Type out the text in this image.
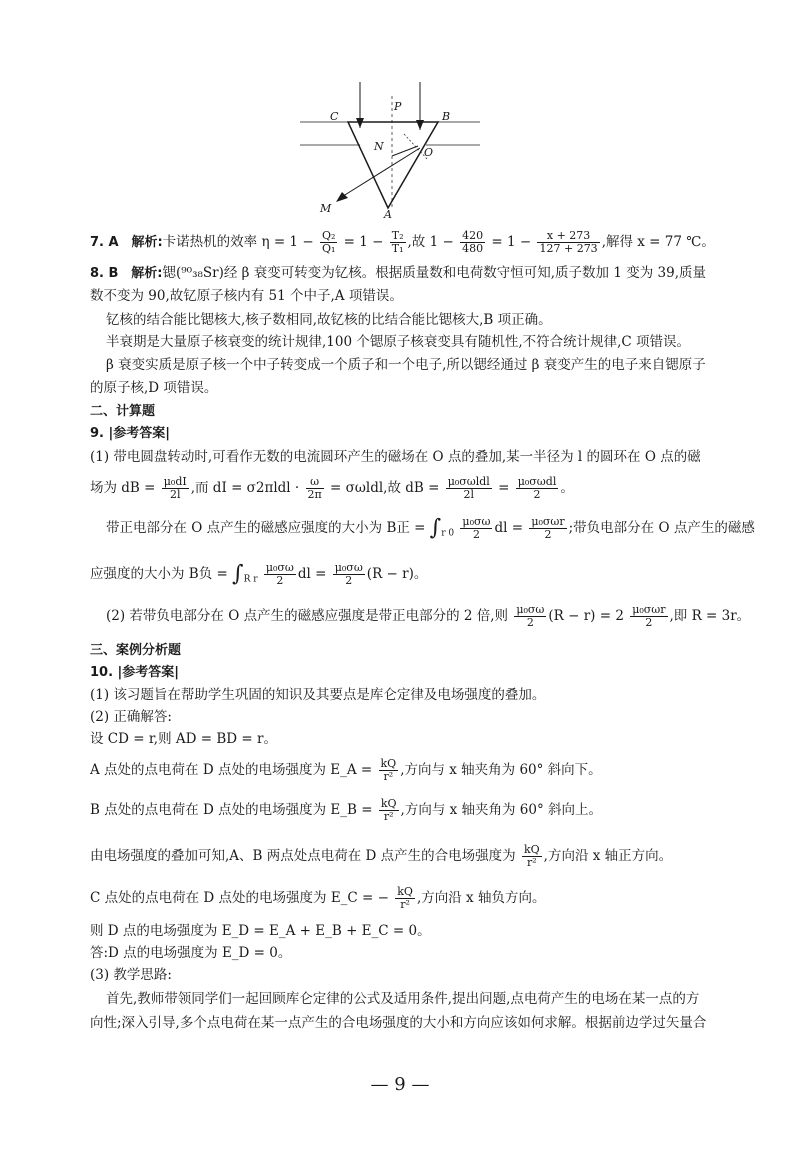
C	B
P
N	O
M	A
7. A 解析:卡诺热机的效率 $\eta = 1 - \frac{\text{Q₂}}{\text{Q₁}} = 1 - \frac{\text{T₂}}{\text{T₁}}$ ,故 $1 - \frac{420}{480} = 1 - \frac{x + 273}{127 + 273}$ ,解得 x = 77 ℃。
8. B 解析:锶(⁹⁰₃₈Sr)经 β 衰变可转变为钇核。根据质量数和电荷数守恒可知,质子数加 1 变为 39,质量
数不变为 90,故钇原子核内有 51 个中子,A 项错误。
钇核的结合能比锶核大,核子数相同,故钇核的比结合能比锶核大,B 项正确。
半衰期是大量原子核衰变的统计规律,100 个锶原子核衰变具有随机性,不符合统计规律,C 项错误。
β 衰变实质是原子核一个中子转变成一个质子和一个电子,所以锶经通过 β 衰变产生的电子来自锶原子
的原子核,D 项错误。
二、计算题
9. |参考答案|
(1) 带电圆盘转动时,可看作无数的电流圆环产生的磁场在 O 点的叠加,某一半径为 l 的圆环在 O 点的磁
场为 dB = $\frac{\text{μ₀dI}}{2l}$ ,而 dI = $\sigma 2\pi ldl \cdot \frac{\omega}{2\pi} = \sigma\omega ldl$,故 dB = $\frac{\text{μ₀σωldl}}{2l} = \frac{\text{μ₀σωdl}}{2}$ 。
带正电部分在 O 点产生的磁感应强度的大小为 B正 = $\int_{r 0} \frac{\text{μ₀σω}}{2}$ dl = $\frac{\text{μ₀σωr}}{2}$ ;带负电部分在 O 点产生的磁感
应强度的大小为 B负 = $\int_{R r} \frac{\text{μ₀σω}}{2}$ dl = $\frac{\text{μ₀σω}}{2} (R - r)$。
(2) 若带负电部分在 O 点产生的磁感应强度是带正电部分的 2 倍,则 $\frac{\text{μ₀σω}}{2} (R - r) = 2 \frac{\text{μ₀σωr}}{2}$ ,即 R = 3r。
三、案例分析题
10. |参考答案|
(1) 该习题旨在帮助学生巩固的知识及其要点是库仑定律及电场强度的叠加。
(2) 正确解答:
设 CD = r,则 AD = BD = r。
A 点处的点电荷在 D 点处的电场强度为 E_A = $\frac{kQ}{\text{r²}}$ ,方向与 x 轴夹角为 60° 斜向下。
B 点处的点电荷在 D 点处的电场强度为 E_B = $\frac{kQ}{\text{r²}}$ ,方向与 x 轴夹角为 60° 斜向上。
由电场强度的叠加可知,A、B 两点处点电荷在 D 点产生的合电场强度为 $\frac{kQ}{\text{r²}}$ ,方向沿 x 轴正方向。
C 点处的点电荷在 D 点处的电场强度为 E_C = − $\frac{kQ}{\text{r²}}$ ,方向沿 x 轴负方向。
则 D 点的电场强度为 E_D = E_A + E_B + E_C = 0。
答:D 点的电场强度为 E_D = 0。
(3) 教学思路:
首先,教师带领同学们一起回顾库仑定律的公式及适用条件,提出问题,点电荷产生的电场在某一点的方
向性;深入引导,多个点电荷在某一点产生的合电场强度的大小和方向应该如何求解。根据前边学过矢量合
— 9 —
